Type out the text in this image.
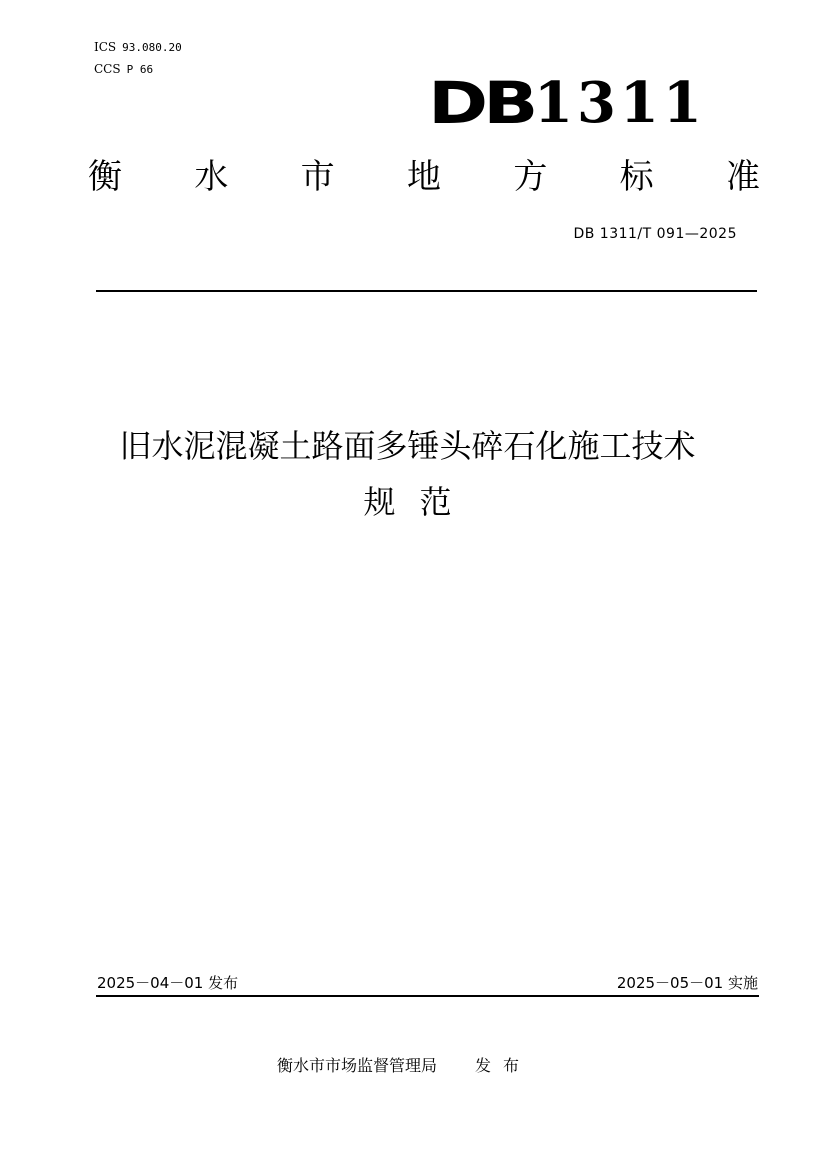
ICS 93.080.20
CCS P 66	DB 1311
衡 水 市 地 方 标 准
DB 1311/T 091—2025
旧水泥混凝土路面多锤头碎石化施工技术
规范
2025－04－01 发布	2025－05－01 实施
衡水市市场监督管理局 发布
